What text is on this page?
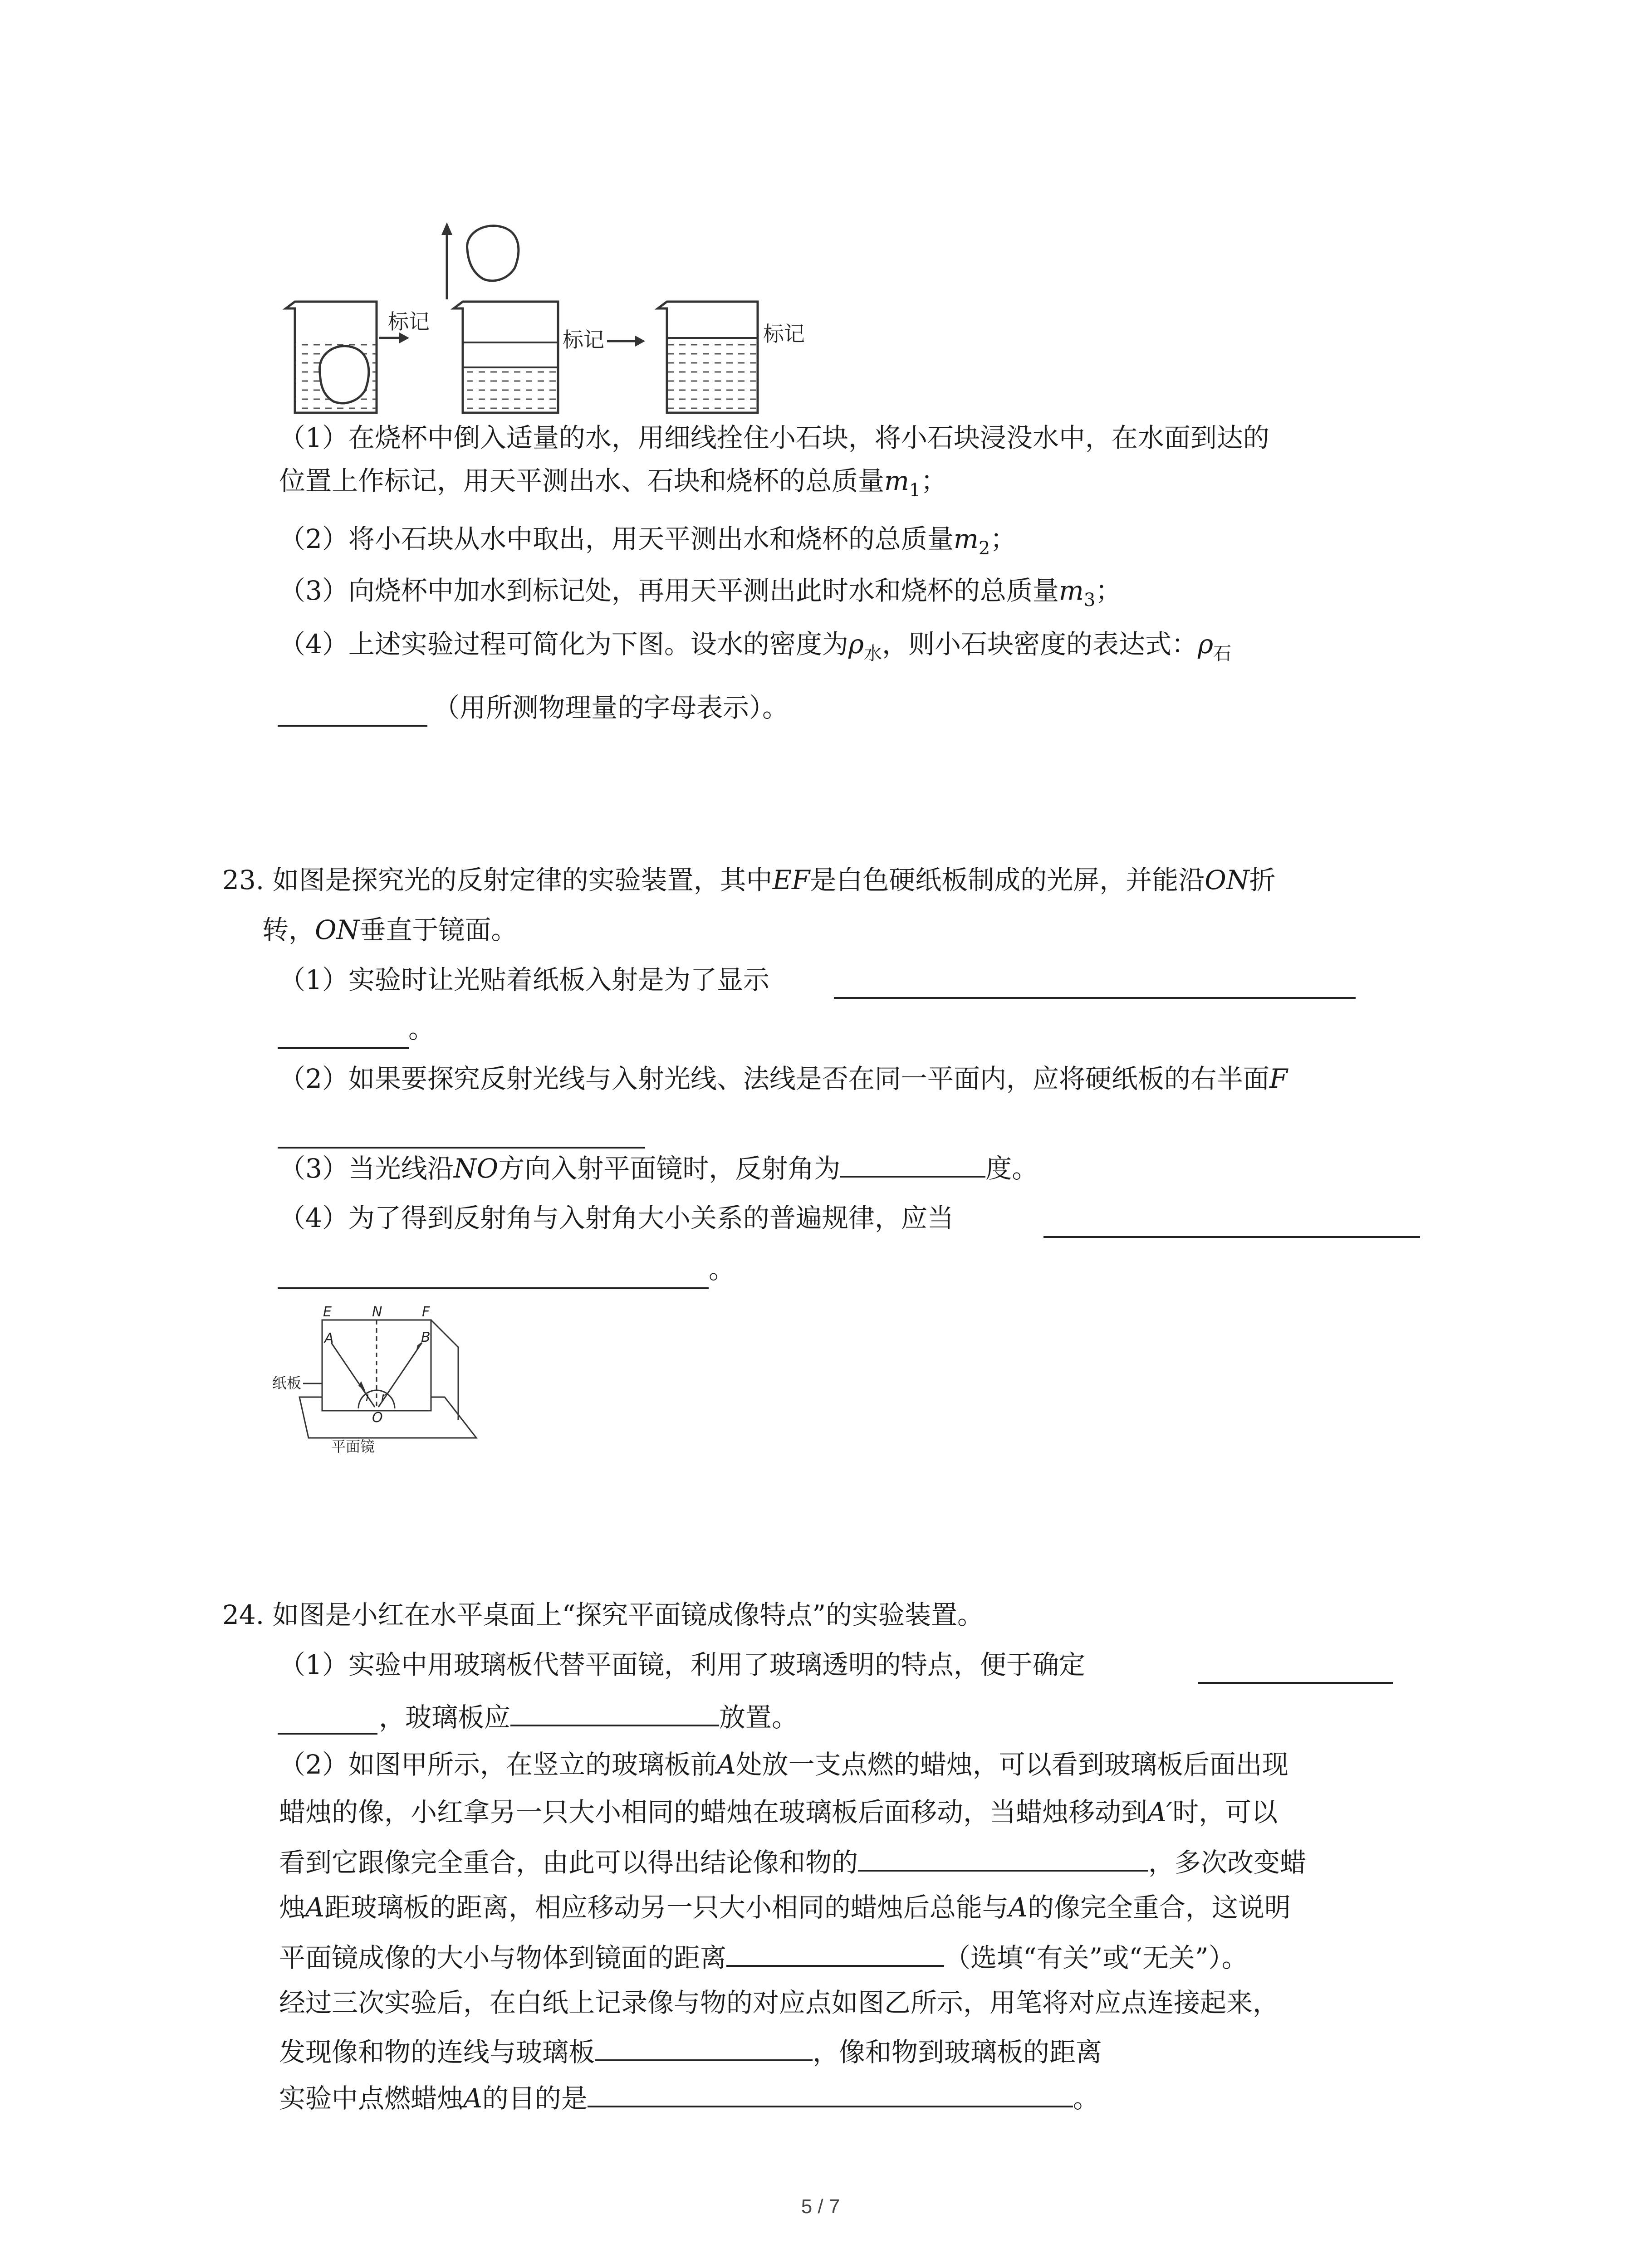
标记
标记	标记
（1）在烧杯中倒入适量的水，用细线拴住小石块，将小石块浸没水中，在水面到达的
位置上作标记，用天平测出水、石块和烧杯的总质量$m_1$；
（2）将小石块从水中取出，用天平测出水和烧杯的总质量$m_2$；
（3）向烧杯中加水到标记处，再用天平测出此时水和烧杯的总质量$m_3$；
（4）上述实验过程可简化为下图。设水的密度为$\rho_水$，则小石块密度的表达式：$\rho_石$
（用所测物理量的字母表示）。
23. 如图是探究光的反射定律的实验装置，其中EF是白色硬纸板制成的光屏，并能沿ON折
转，ON垂直于镜面。
（1）实验时让光贴着纸板入射是为了显示
。
（2）如果要探究反射光线与入射光线、法线是否在同一平面内，应将硬纸板的右半面F
（3）当光线沿NO方向入射平面镜时，反射角为	度。
（4）为了得到反射角与入射角大小关系的普遍规律，应当
。
E	N	F
A	B
i r
O
纸板
平面镜
24. 如图是小红在水平桌面上“探究平面镜成像特点”的实验装置。
（1）实验中用玻璃板代替平面镜，利用了玻璃透明的特点，便于确定
，玻璃板应	放置。
（2）如图甲所示，在竖立的玻璃板前A处放一支点燃的蜡烛，可以看到玻璃板后面出现
蜡烛的像，小红拿另一只大小相同的蜡烛在玻璃板后面移动，当蜡烛移动到A′时，可以
看到它跟像完全重合，由此可以得出结论像和物的	，多次改变蜡
烛A距玻璃板的距离，相应移动另一只大小相同的蜡烛后总能与A的像完全重合，这说明
平面镜成像的大小与物体到镜面的距离	（选填“有关”或“无关”）。
经过三次实验后，在白纸上记录像与物的对应点如图乙所示，用笔将对应点连接起来，
发现像和物的连线与玻璃板	，像和物到玻璃板的距离
实验中点燃蜡烛A的目的是	。
5 / 7
